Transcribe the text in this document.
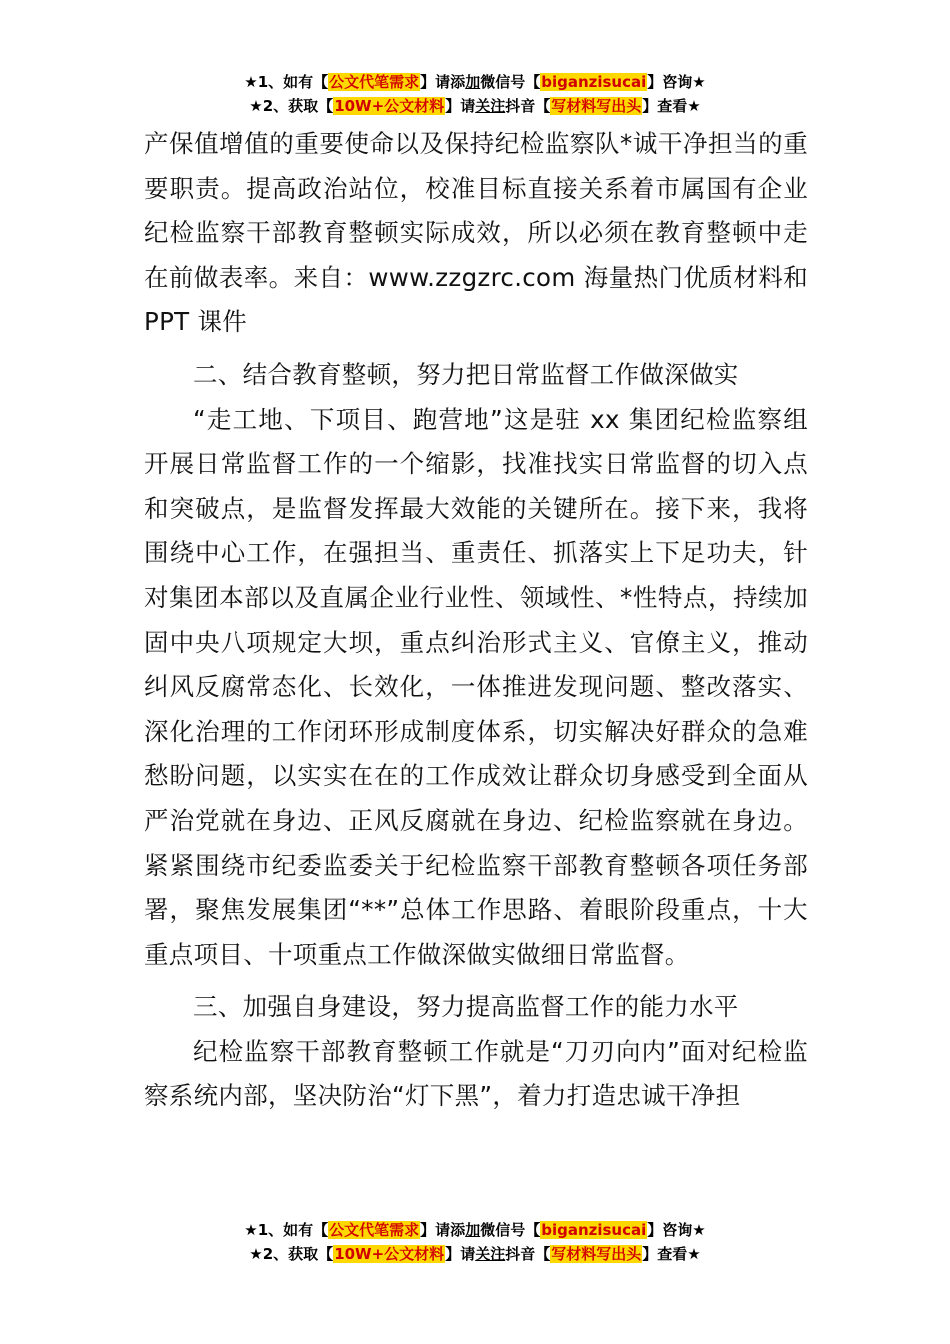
★1、如有【公文代笔需求】请添加微信号【biganzisucai】咨询★
★2、获取【10W+公文材料】请关注抖音【写材料写出头】查看★

产保值增值的重要使命以及保持纪检监察队*诚干净担当的重要职责。提高政治站位，校准目标直接关系着市属国有企业纪检监察干部教育整顿实际成效，所以必须在教育整顿中走在前做表率。来自：www.zzgzrc.com 海量热门优质材料和 PPT 课件

二、结合教育整顿，努力把日常监督工作做深做实

“走工地、下项目、跑营地”这是驻 xx 集团纪检监察组开展日常监督工作的一个缩影，找准找实日常监督的切入点和突破点，是监督发挥最大效能的关键所在。接下来，我将围绕中心工作，在强担当、重责任、抓落实上下足功夫，针对集团本部以及直属企业行业性、领域性、*性特点，持续加固中央八项规定大坝，重点纠治形式主义、官僚主义，推动纠风反腐常态化、长效化，一体推进发现问题、整改落实、深化治理的工作闭环形成制度体系，切实解决好群众的急难愁盼问题，以实实在在的工作成效让群众切身感受到全面从严治党就在身边、正风反腐就在身边、纪检监察就在身边。紧紧围绕市纪委监委关于纪检监察干部教育整顿各项任务部署，聚焦发展集团“**”总体工作思路、着眼阶段重点，十大重点项目、十项重点工作做深做实做细日常监督。

三、加强自身建设，努力提高监督工作的能力水平

纪检监察干部教育整顿工作就是“刀刃向内”面对纪检监察系统内部，坚决防治“灯下黑”，着力打造忠诚干净担

★1、如有【公文代笔需求】请添加微信号【biganzisucai】咨询★
★2、获取【10W+公文材料】请关注抖音【写材料写出头】查看★
